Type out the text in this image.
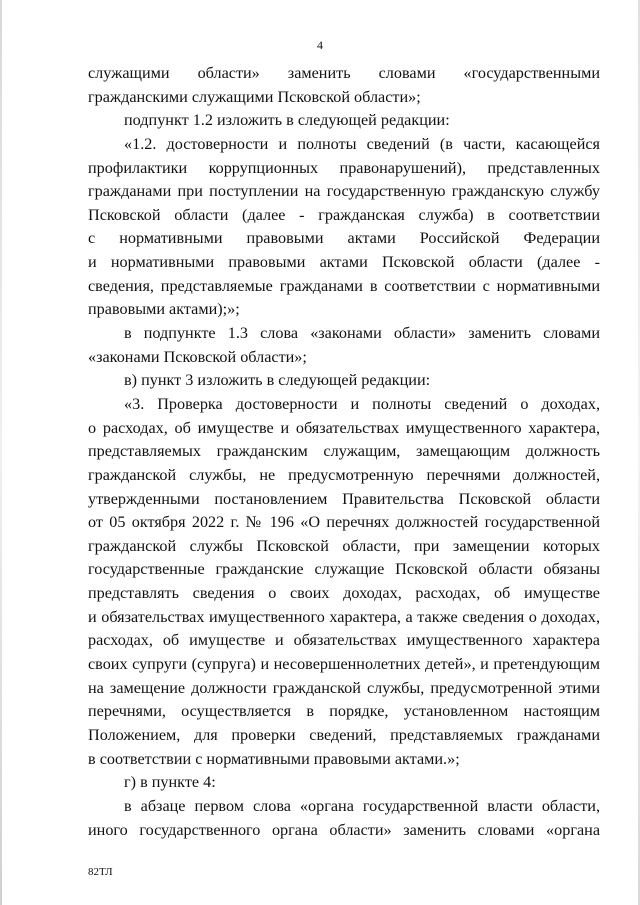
4
служащими области» заменить словами «государственными
гражданскими служащими Псковской области»;
подпункт 1.2 изложить в следующей редакции:
«1.2. достоверности и полноты сведений (в части, касающейся
профилактики коррупционных правонарушений), представленных
гражданами при поступлении на государственную гражданскую службу
Псковской области (далее - гражданская служба) в соответствии
с нормативными правовыми актами Российской Федерации
и нормативными правовыми актами Псковской области (далее -
сведения, представляемые гражданами в соответствии с нормативными
правовыми актами);»;
в подпункте 1.3 слова «законами области» заменить словами
«законами Псковской области»;
в) пункт 3 изложить в следующей редакции:
«3. Проверка достоверности и полноты сведений о доходах,
о расходах, об имуществе и обязательствах имущественного характера,
представляемых гражданским служащим, замещающим должность
гражданской службы, не предусмотренную перечнями должностей,
утвержденными постановлением Правительства Псковской области
от 05 октября 2022 г. № 196 «О перечнях должностей государственной
гражданской службы Псковской области, при замещении которых
государственные гражданские служащие Псковской области обязаны
представлять сведения о своих доходах, расходах, об имуществе
и обязательствах имущественного характера, а также сведения о доходах,
расходах, об имуществе и обязательствах имущественного характера
своих супруги (супруга) и несовершеннолетних детей», и претендующим
на замещение должности гражданской службы, предусмотренной этими
перечнями, осуществляется в порядке, установленном настоящим
Положением, для проверки сведений, представляемых гражданами
в соответствии с нормативными правовыми актами.»;
г) в пункте 4:
в абзаце первом слова «органа государственной власти области,
иного государственного органа области» заменить словами «органа
82ТЛ
